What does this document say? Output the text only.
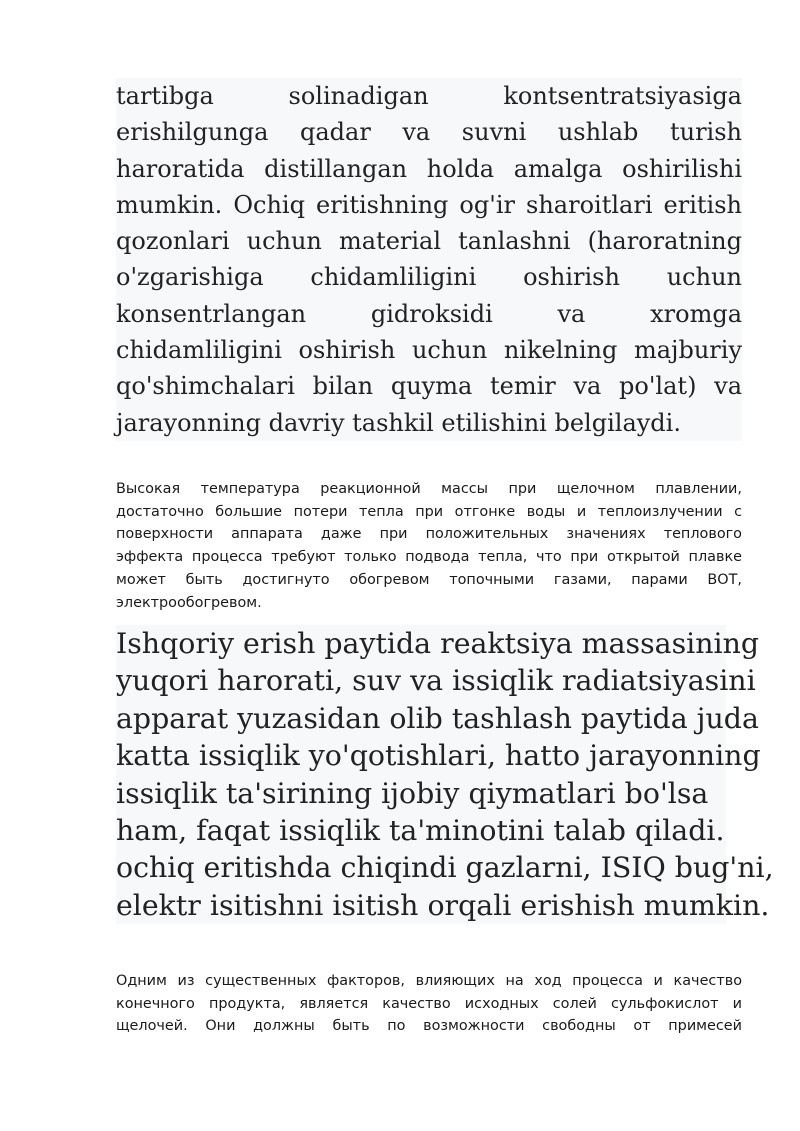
tartibga solinadigan kontsentratsiyasiga
erishilgunga qadar va suvni ushlab turish
haroratida distillangan holda amalga oshirilishi
mumkin. Ochiq eritishning og'ir sharoitlari eritish
qozonlari uchun material tanlashni (haroratning
o'zgarishiga chidamliligini oshirish uchun
konsentrlangan gidroksidi va xromga
chidamliligini oshirish uchun nikelning majburiy
qo'shimchalari bilan quyma temir va po'lat) va
jarayonning davriy tashkil etilishini belgilaydi.
Высокая температура реакционной массы при щелочном плавлении,
достаточно большие потери тепла при отгонке воды и теплоизлучении с
поверхности аппарата даже при положительных значениях теплового
эффекта процесса требуют только подвода тепла, что при открытой плавке
может быть достигнуто обогревом топочными газами, парами ВОТ,
электрообогревом.
Ishqoriy erish paytida reaktsiya massasining
yuqori harorati, suv va issiqlik radiatsiyasini
apparat yuzasidan olib tashlash paytida juda
katta issiqlik yo'qotishlari, hatto jarayonning
issiqlik ta'sirining ijobiy qiymatlari bo'lsa
ham, faqat issiqlik ta'minotini talab qiladi.
ochiq eritishda chiqindi gazlarni, ISIQ bug'ni,
elektr isitishni isitish orqali erishish mumkin.
Одним из существенных факторов, влияющих на ход процесса и качество
конечного продукта, является качество исходных солей сульфокислот и
щелочей. Они должны быть по возможности свободны от примесей
